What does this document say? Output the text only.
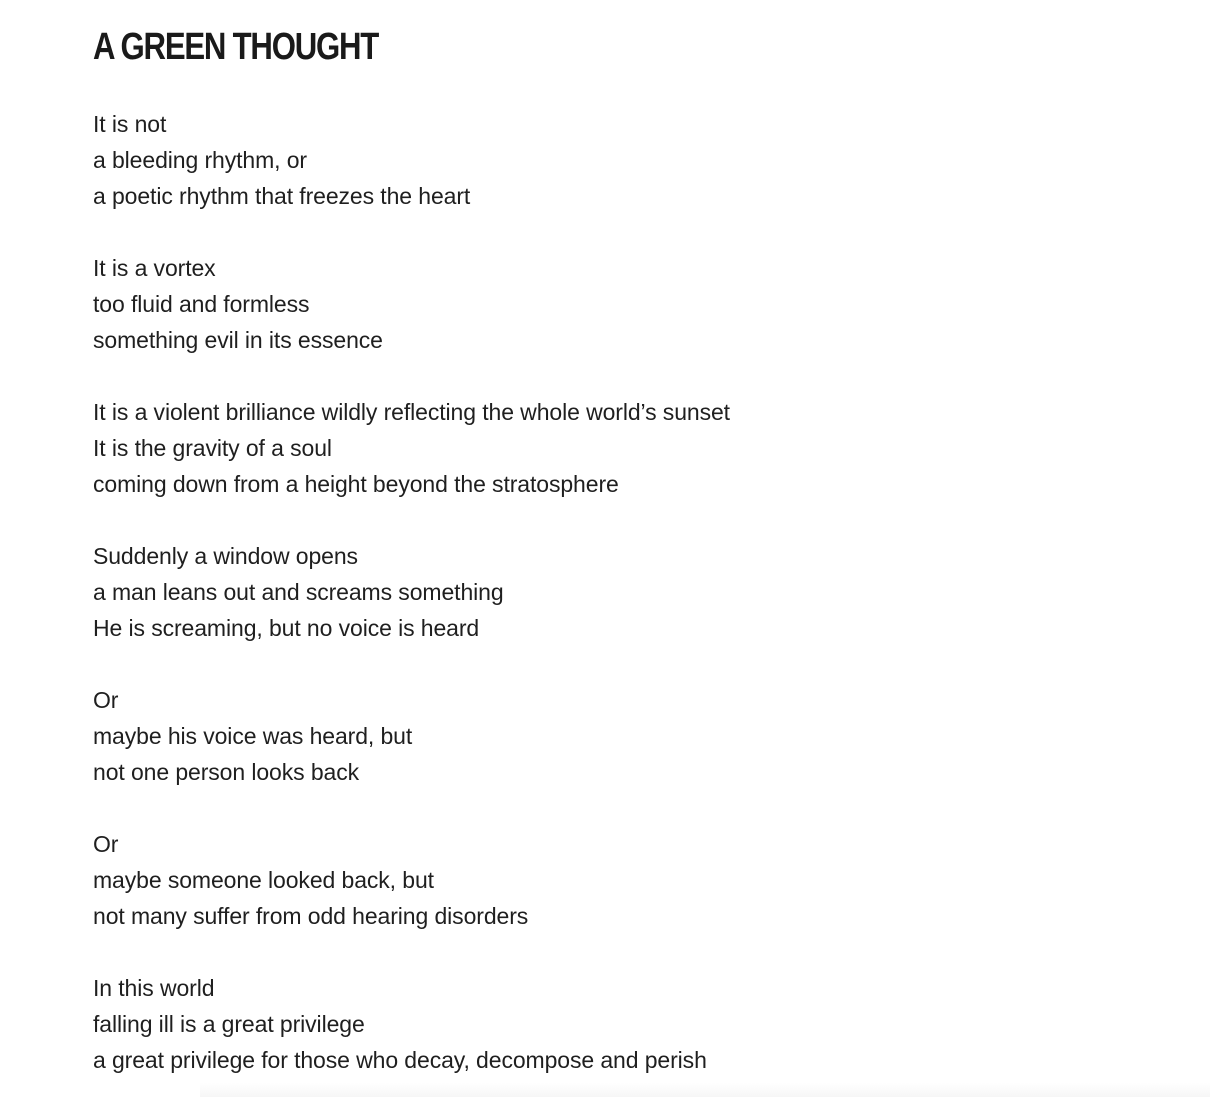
A GREEN THOUGHT
It is not
a bleeding rhythm, or
a poetic rhythm that freezes the heart
It is a vortex
too fluid and formless
something evil in its essence
It is a violent brilliance wildly reflecting the whole world’s sunset
It is the gravity of a soul
coming down from a height beyond the stratosphere
Suddenly a window opens
a man leans out and screams something
He is screaming, but no voice is heard
Or
maybe his voice was heard, but
not one person looks back
Or
maybe someone looked back, but
not many suffer from odd hearing disorders
In this world
falling ill is a great privilege
a great privilege for those who decay, decompose and perish
